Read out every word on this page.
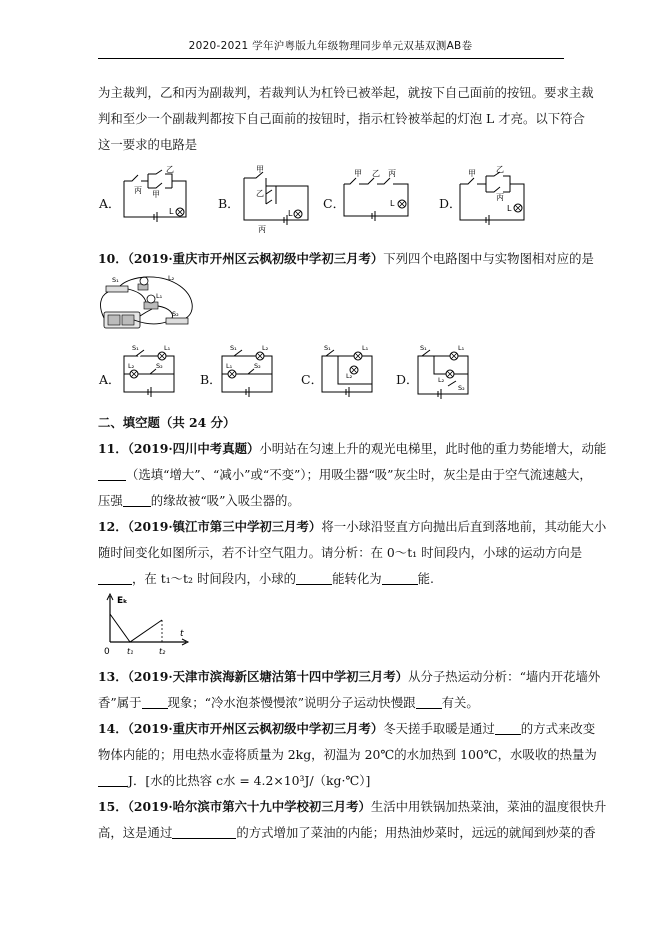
2020-2021 学年沪粤版九年级物理同步单元双基双测AB卷
为主裁判，乙和丙为副裁判，若裁判认为杠铃已被举起，就按下自己面前的按钮。要求主裁
判和至少一个副裁判都按下自己面前的按钮时，指示杠铃被举起的灯泡 L 才亮。以下符合
这一要求的电路是
A．
丙 甲
乙
L
B．
甲
乙
丙
L
C．
甲 乙 丙
L	D．
甲	乙
丙
L
10．（2019·重庆市开州区云枫初级中学初三月考）下列四个电路图中与实物图相对应的是
S₁	L₂
L₁
S₂
A．
S₁	L₁
L₂	S₂
B．
S₁	L₂
L₁	S₂
C．
S₁	L₁
L₂	D．
S₁	L₁
L₂
S₂
二、填空题（共 24 分）
11．（2019·四川中考真题）小明站在匀速上升的观光电梯里，此时他的重力势能增大，动能
（选填“增大”、“减小”或“不变”）；用吸尘器“吸”灰尘时，灰尘是由于空气流速越大，
压强 的缘故被“吸”入吸尘器的。
12．（2019·镇江市第三中学初三月考）将一小球沿竖直方向抛出后直到落地前，其动能大小
随时间变化如图所示，若不计空气阻力。请分析：在 0～t₁ 时间段内，小球的运动方向是
，在 t₁～t₂ 时间段内，小球的	能转化为	能.
Eₖ
t
0 t₁	t₂
13．（2019·天津市滨海新区塘沽第十四中学初三月考）从分子热运动分析：“墙内开花墙外
香”属于 现象；“冷水泡茶慢慢浓”说明分子运动快慢跟 有关。
14．（2019·重庆市开州区云枫初级中学初三月考）冬天搓手取暖是通过 的方式来改变
物体内能的；用电热水壶将质量为 2kg，初温为 20℃的水加热到 100℃，水吸收的热量为
J．[水的比热容 c水 = 4.2×10³J/（kg·℃）]
15．（2019·哈尔滨市第六十九中学校初三月考）生活中用铁锅加热菜油，菜油的温度很快升
高，这是通过	的方式增加了菜油的内能；用热油炒菜时，远远的就闻到炒菜的香
